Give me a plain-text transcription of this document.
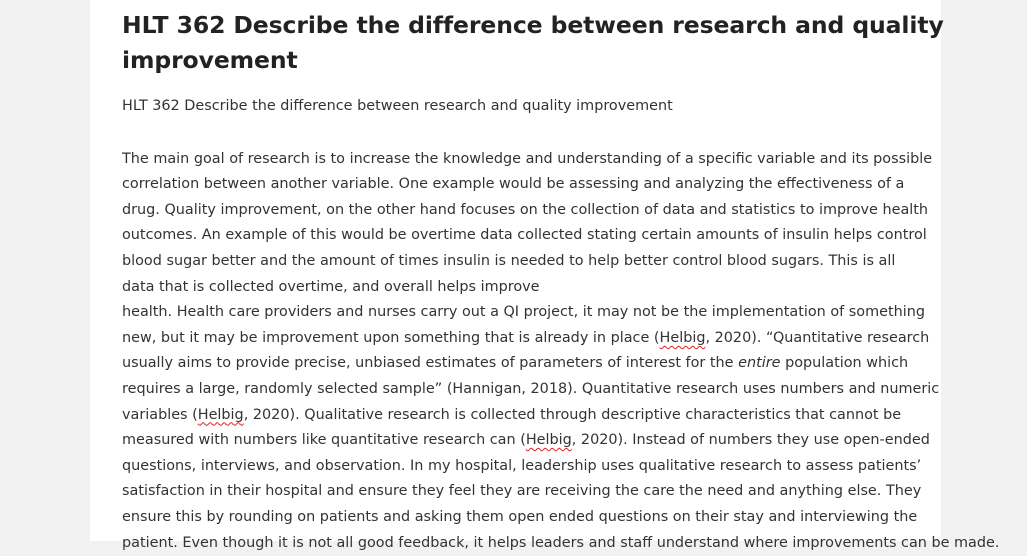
HLT 362 Describe the difference between research and quality
improvement

HLT 362 Describe the difference between research and quality improvement

The main goal of research is to increase the knowledge and understanding of a specific variable and its possible
correlation between another variable. One example would be assessing and analyzing the effectiveness of a
drug. Quality improvement, on the other hand focuses on the collection of data and statistics to improve health
outcomes. An example of this would be overtime data collected stating certain amounts of insulin helps control
blood sugar better and the amount of times insulin is needed to help better control blood sugars. This is all
data that is collected overtime, and overall helps improve
health. Health care providers and nurses carry out a QI project, it may not be the implementation of something
new, but it may be improvement upon something that is already in place (Helbig, 2020). “Quantitative research
usually aims to provide precise, unbiased estimates of parameters of interest for the entire population which
requires a large, randomly selected sample” (Hannigan, 2018). Quantitative research uses numbers and numeric
variables (Helbig, 2020). Qualitative research is collected through descriptive characteristics that cannot be
measured with numbers like quantitative research can (Helbig, 2020). Instead of numbers they use open-ended
questions, interviews, and observation. In my hospital, leadership uses qualitative research to assess patients’
satisfaction in their hospital and ensure they feel they are receiving the care the need and anything else. They
ensure this by rounding on patients and asking them open ended questions on their stay and interviewing the
patient. Even though it is not all good feedback, it helps leaders and staff understand where improvements can be made.
